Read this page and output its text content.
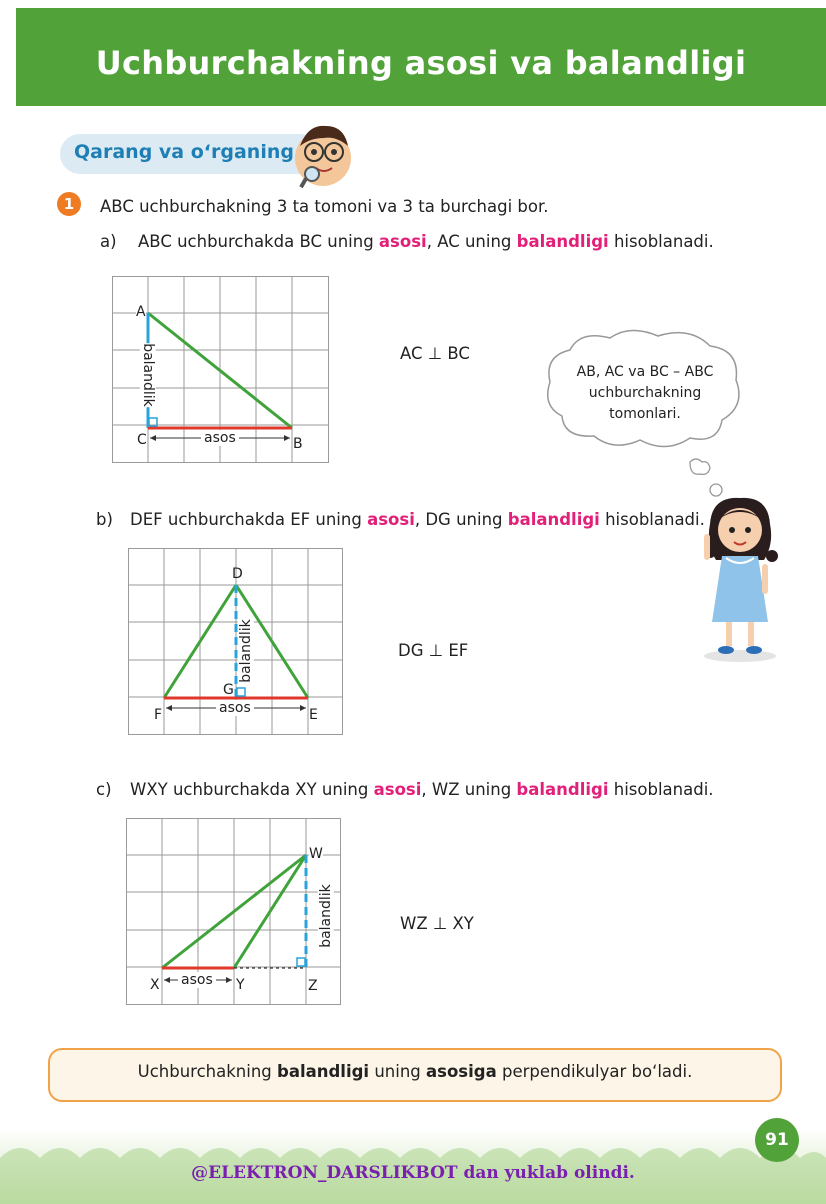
Uchburchakning asosi va balandligi
Qarang va o‘rganing
1	ABC uchburchakning 3 ta tomoni va 3 ta burchagi bor.
a) ABC uchburchakda BC uning asosi, AC uning balandligi hisoblanadi.
A
B
C
balandlik
asos
AC ⊥ BC
AB, AC va BC – ABC
uchburchakning
tomonlari.
b) DEF uchburchakda EF uning asosi, DG uning balandligi hisoblanadi.
D
E
F
G
balandlik
asos
DG ⊥ EF
c) WXY uchburchakda XY uning asosi, WZ uning balandligi hisoblanadi.
W
X	Y	Z
balandlik
asos
WZ ⊥ XY
Uchburchakning balandligi uning asosiga perpendikulyar bo‘ladi.
91
@ELEKTRON_DARSLIKBOT dan yuklab olindi.
